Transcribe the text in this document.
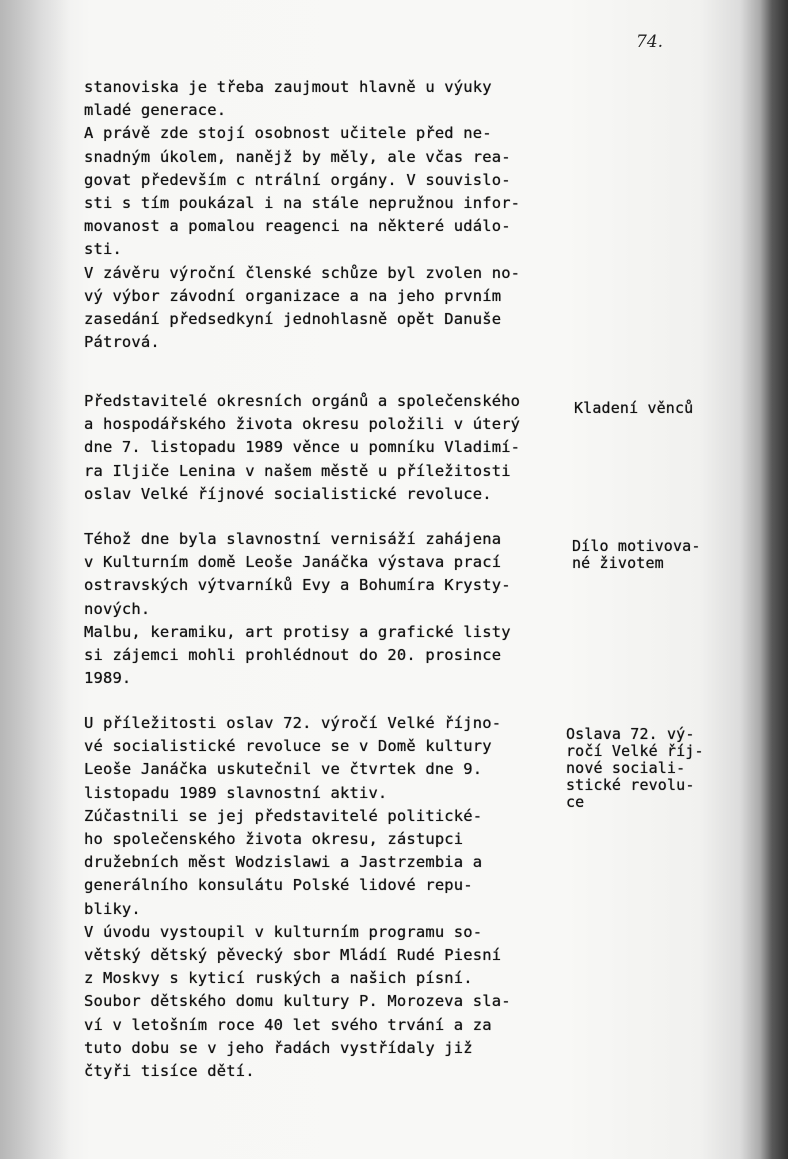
74.
stanoviska je třeba zaujmout hlavně u výuky
mladé generace.
A právě zde stojí osobnost učitele před ne-
snadným úkolem, nanějž by měly, ale včas rea-
govat především c ntrální orgány. V souvislo-
sti s tím poukázal i na stále nepružnou infor-
movanost a pomalou reagenci na některé událo-
sti.
V závěru výroční členské schůze byl zvolen no-
vý výbor závodní organizace a na jeho prvním
zasedání předsedkyní jednohlasně opět Danuše
Pátrová.
Představitelé okresních orgánů a společenského
a hospodářského života okresu položili v úterý
dne 7. listopadu 1989 věnce u pomníku Vladimí-
ra Iljiče Lenina v našem městě u příležitosti
oslav Velké říjnové socialistické revoluce.
Kladení věnců
Téhož dne byla slavnostní vernisáží zahájena
v Kulturním domě Leoše Janáčka výstava prací
ostravských výtvarníků Evy a Bohumíra Krysty-
nových.
Malbu, keramiku, art protisy a grafické listy
si zájemci mohli prohlédnout do 20. prosince
1989.
Dílo motivova-
né životem
U příležitosti oslav 72. výročí Velké říjno-
vé socialistické revoluce se v Domě kultury
Leoše Janáčka uskutečnil ve čtvrtek dne 9.
listopadu 1989 slavnostní aktiv.
Zúčastnili se jej představitelé politické-
ho společenského života okresu, zástupci
družebních měst Wodzislawi a Jastrzembia a
generálního konsulátu Polské lidové repu-
bliky.
V úvodu vystoupil v kulturním programu so-
větský dětský pěvecký sbor Mládí Rudé Piesní
z Moskvy s kyticí ruských a našich písní.
Soubor dětského domu kultury P. Morozeva sla-
ví v letošním roce 40 let svého trvání a za
tuto dobu se v jeho řadách vystřídaly již
čtyři tisíce dětí.
Oslava 72. vý-
ročí Velké říj-
nové sociali-
stické revolu-
ce
